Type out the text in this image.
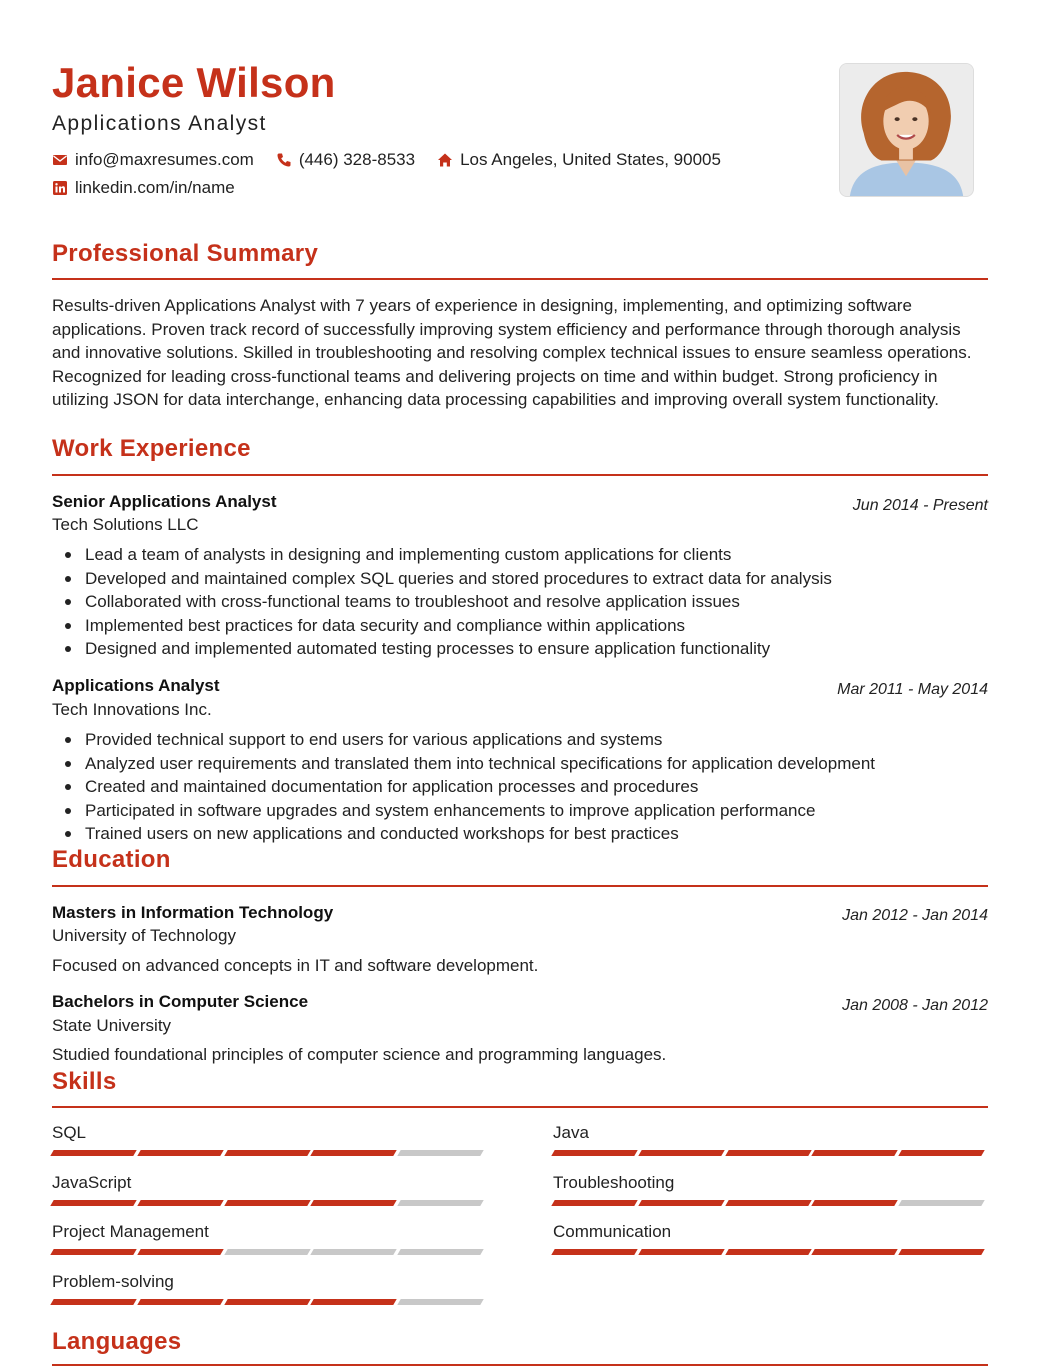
Janice Wilson
Applications Analyst
info@maxresumes.com	(446) 328-8533	Los Angeles, United States, 90005
linkedin.com/in/name
Professional Summary
Results-driven Applications Analyst with 7 years of experience in designing, implementing, and optimizing software applications. Proven track record of successfully improving system efficiency and performance through thorough analysis and innovative solutions. Skilled in troubleshooting and resolving complex technical issues to ensure seamless operations. Recognized for leading cross-functional teams and delivering projects on time and within budget. Strong proficiency in utilizing JSON for data interchange, enhancing data processing capabilities and improving overall system functionality.
Work Experience
Senior Applications Analyst	Jun 2014 - Present
Tech Solutions LLC
Lead a team of analysts in designing and implementing custom applications for clients
Developed and maintained complex SQL queries and stored procedures to extract data for analysis
Collaborated with cross-functional teams to troubleshoot and resolve application issues
Implemented best practices for data security and compliance within applications
Designed and implemented automated testing processes to ensure application functionality
Applications Analyst	Mar 2011 - May 2014
Tech Innovations Inc.
Provided technical support to end users for various applications and systems
Analyzed user requirements and translated them into technical specifications for application development
Created and maintained documentation for application processes and procedures
Participated in software upgrades and system enhancements to improve application performance
Trained users on new applications and conducted workshops for best practices
Education
Masters in Information Technology	Jan 2012 - Jan 2014
University of Technology
Focused on advanced concepts in IT and software development.
Bachelors in Computer Science	Jan 2008 - Jan 2012
State University
Studied foundational principles of computer science and programming languages.
Skills
SQL	Java
JavaScript	Troubleshooting
Project Management	Communication
Problem-solving
Languages
